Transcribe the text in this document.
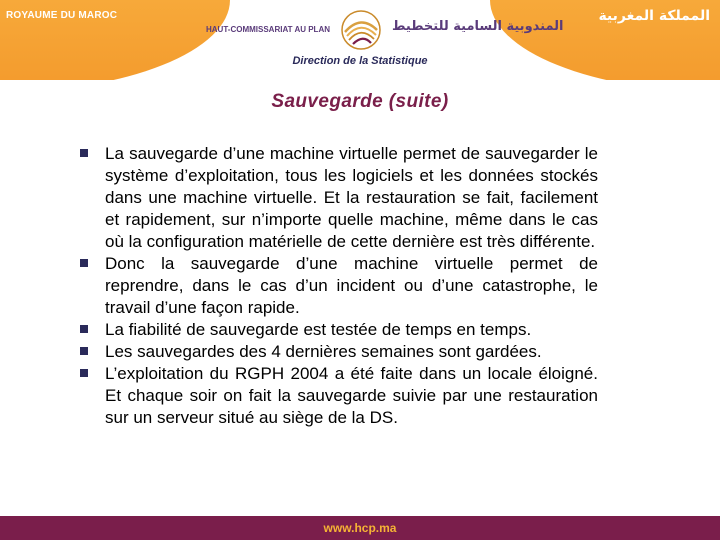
ROYAUME DU MAROC	المملكة المغربية
HAUT-COMMISSARIAT AU PLAN	المندوبية السامية للتخطيط
Direction de la Statistique
Sauvegarde (suite)
La sauvegarde d’une machine virtuelle permet de sauvegarder le système d’exploitation, tous les logiciels et les données stockés dans une machine virtuelle. Et la restauration se fait, facilement et rapidement, sur n’importe quelle machine, même dans le cas où la configuration matérielle de cette dernière est très différente.
Donc la sauvegarde d’une machine virtuelle permet de reprendre, dans le cas d’un incident ou d’une catastrophe, le travail d’une façon rapide.
La fiabilité de sauvegarde est testée de temps en temps.
Les sauvegardes des 4 dernières semaines sont gardées.
L’exploitation du RGPH 2004 a été faite dans un locale éloigné. Et chaque soir on fait la sauvegarde suivie par une restauration sur un serveur situé au siège de la DS.
www.hcp.ma
